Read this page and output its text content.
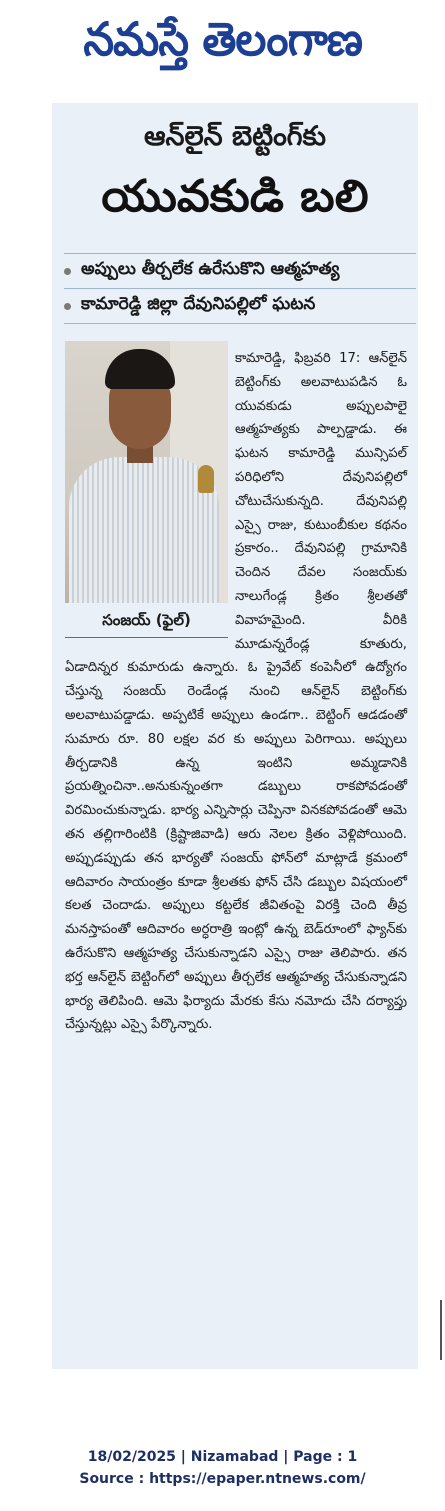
నమస్తే తెలంగాణ
ఆన్‌లైన్ బెట్టింగ్‌కు
యువకుడి బలి
అప్పులు తీర్చలేక ఉరేసుకొని ఆత్మహత్య
కామారెడ్డి జిల్లా దేవునిపల్లిలో ఘటన
కామారెడ్డి, ఫిబ్రవరి 17: ఆన్‌లైన్ బెట్టింగ్‌కు అలవాటుపడిన ఓ యువకుడు అప్పులపాలై ఆత్మహత్యకు పాల్పడ్డాడు. ఈ ఘటన కామారెడ్డి మున్సిపల్ పరిధిలోని దేవునిపల్లిలో చోటుచేసుకున్నది. దేవునిపల్లి ఎస్సై రాజు, కుటుంబీకుల కథనం ప్రకారం.. దేవునిపల్లి గ్రామానికి చెందిన దేవల సంజయ్‌కు నాలుగేండ్ల క్రితం శ్రీలతతో వివాహమైంది. వీరికి మూడున్నరేండ్ల కూతురు, ఏడాదిన్నర కుమారుడు ఉన్నారు. ఓ ప్రైవేట్ కంపెనీలో ఉద్యోగం చేస్తున్న సంజయ్ రెండేండ్ల నుంచి ఆన్‌లైన్ బెట్టింగ్‌కు అలవాటుపడ్డాడు. అప్పటికే అప్పులు ఉండగా.. బెట్టింగ్ ఆడడంతో సుమారు రూ. 80 లక్షల వర కు అప్పులు పెరిగాయి. అప్పులు తీర్చడానికి ఉన్న ఇంటిని అమ్మడానికి ప్రయత్నించినా..అనుకున్నంతగా డబ్బులు రాకపోవడంతో విరమించుకున్నాడు. భార్య ఎన్నిసార్లు చెప్పినా వినకపోవడంతో ఆమె తన తల్లిగారింటికి (క్రిష్టాజివాడి) ఆరు నెలల క్రితం వెళ్లిపోయింది. అప్పుడప్పుడు తన భార్యతో సంజయ్ ఫోన్‌లో మాట్లాడే క్రమంలో ఆదివారం సాయంత్రం కూడా శ్రీలతకు ఫోన్ చేసి డబ్బుల విషయంలో కలత చెందాడు. అప్పులు కట్టలేక జీవితంపై విరక్తి చెంది తీవ్ర మనస్తాపంతో ఆదివారం అర్ధరాత్రి ఇంట్లో ఉన్న బెడ్‌రూంలో ఫ్యాన్‌కు ఉరేసుకొని ఆత్మహత్య చేసుకున్నాడని ఎస్సై రాజు తెలిపారు. తన భర్త ఆన్‌లైన్ బెట్టింగ్‌లో అప్పులు తీర్చలేక ఆత్మహత్య చేసుకున్నాడని భార్య తెలిపింది. ఆమె ఫిర్యాదు మేరకు కేసు నమోదు చేసి దర్యాప్తు చేస్తున్నట్లు ఎస్సై పేర్కొన్నారు.
సంజయ్ (ఫైల్)
18/02/2025 | Nizamabad | Page : 1
Source : https://epaper.ntnews.com/
